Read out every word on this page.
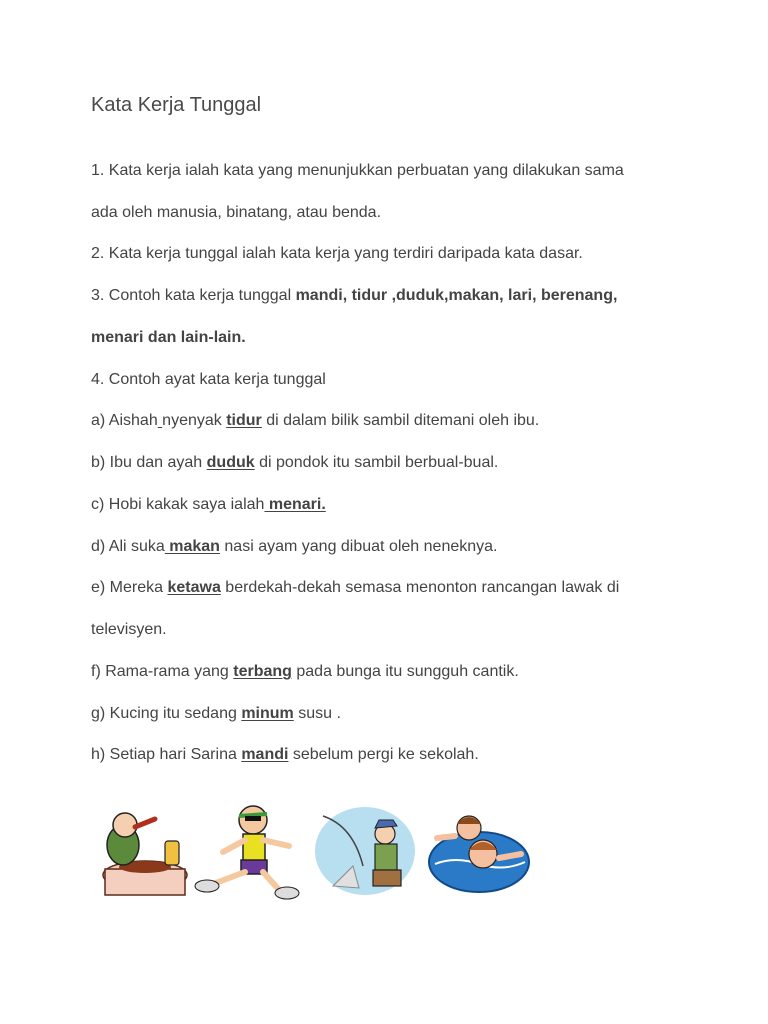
Kata Kerja Tunggal
1. Kata kerja ialah kata yang menunjukkan perbuatan yang dilakukan sama
ada oleh manusia, binatang, atau benda.
2. Kata kerja tunggal ialah kata kerja yang terdiri daripada kata dasar.
3. Contoh kata kerja tunggal mandi, tidur ,duduk,makan, lari, berenang,
menari dan lain-lain.
4. Contoh ayat kata kerja tunggal
a) Aishah nyenyak tidur di dalam bilik sambil ditemani oleh ibu.
b) Ibu dan ayah duduk di pondok itu sambil berbual-bual.
c) Hobi kakak saya ialah menari.
d) Ali suka makan nasi ayam yang dibuat oleh neneknya.
e) Mereka ketawa berdekah-dekah semasa menonton rancangan lawak di
televisyen.
f) Rama-rama yang terbang pada bunga itu sungguh cantik.
g) Kucing itu sedang minum susu .
h) Setiap hari Sarina mandi sebelum pergi ke sekolah.
